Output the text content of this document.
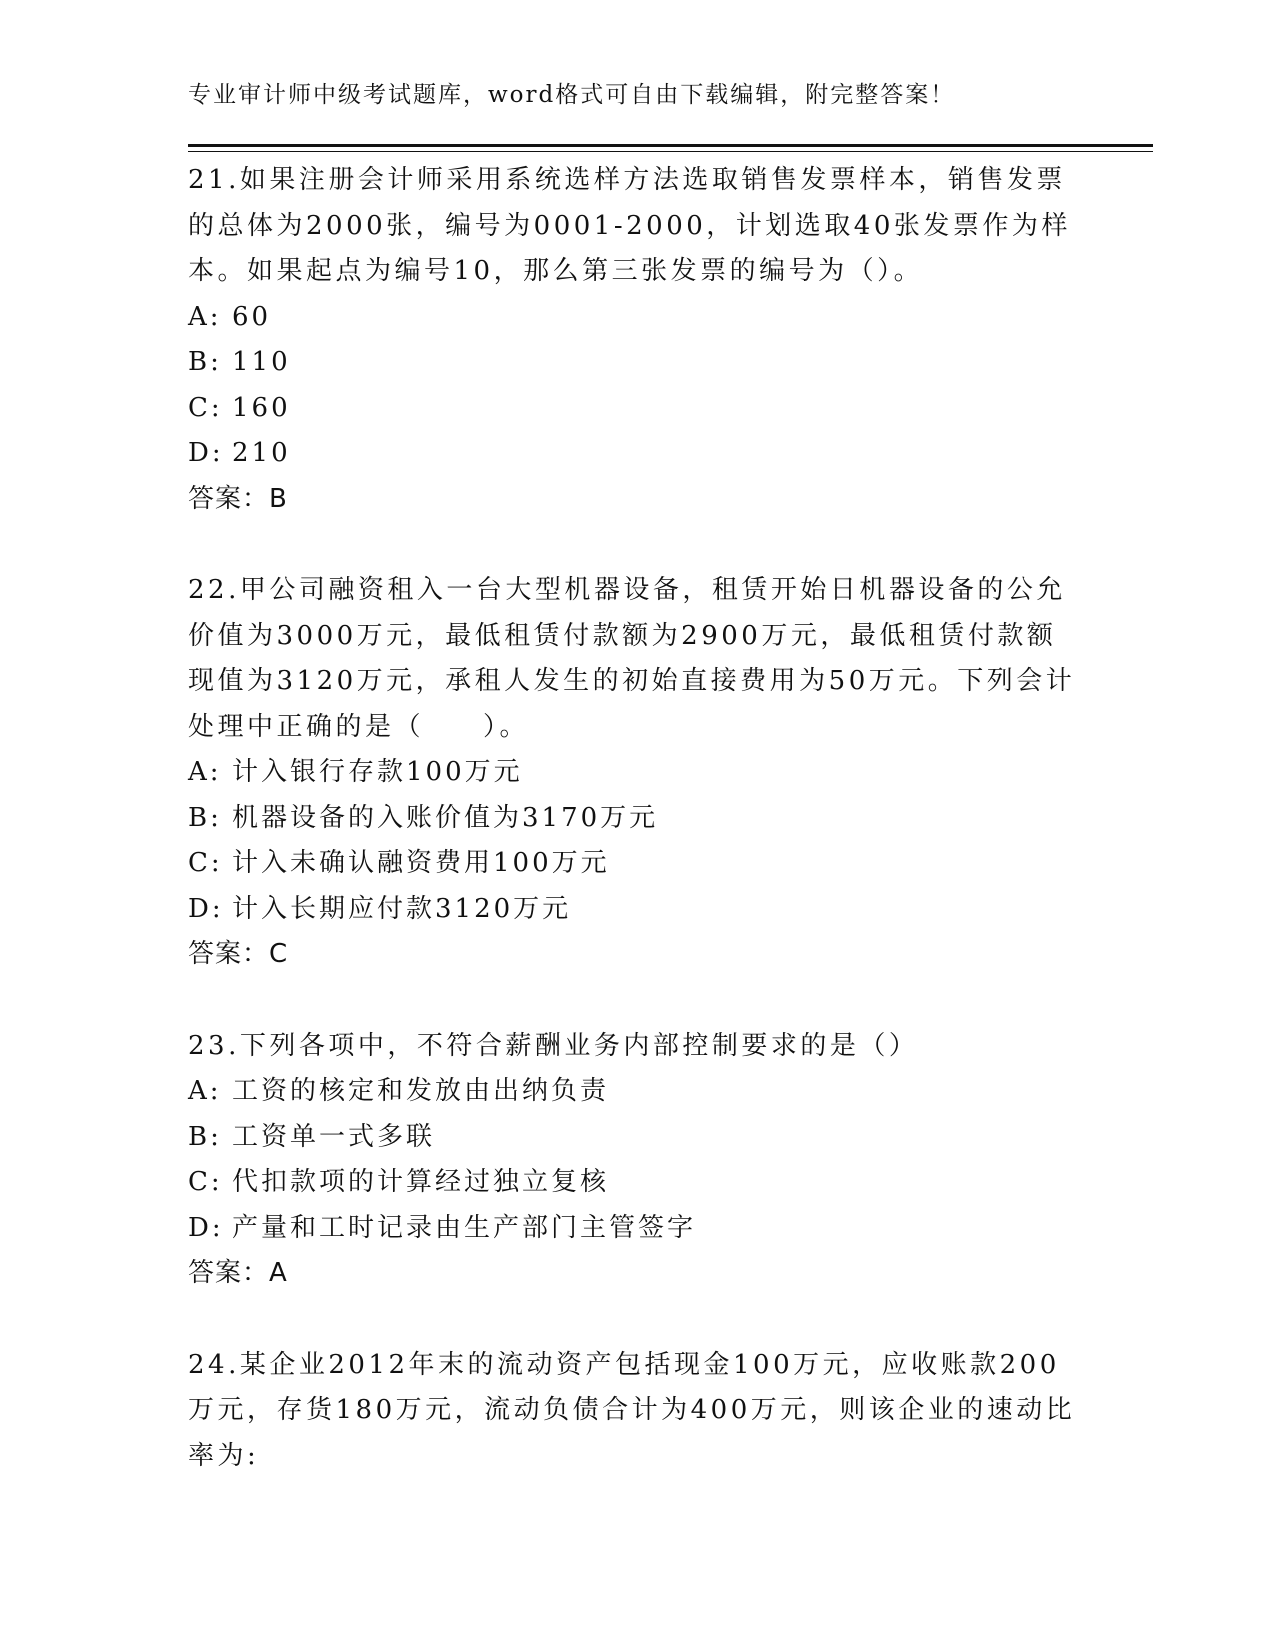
专业审计师中级考试题库，word格式可自由下载编辑，附完整答案！

21.如果注册会计师采用系统选样方法选取销售发票样本，销售发票的总体为2000张，编号为0001-2000，计划选取40张发票作为样本。如果起点为编号10，那么第三张发票的编号为（）。

A: 60

B: 110

C: 160

D: 210

答案：B

22.甲公司融资租入一台大型机器设备，租赁开始日机器设备的公允价值为3000万元，最低租赁付款额为2900万元，最低租赁付款额现值为3120万元，承租人发生的初始直接费用为50万元。下列会计处理中正确的是（　　）。

A: 计入银行存款100万元

B: 机器设备的入账价值为3170万元

C: 计入未确认融资费用100万元

D: 计入长期应付款3120万元

答案：C

23.下列各项中，不符合薪酬业务内部控制要求的是（）

A: 工资的核定和发放由出纳负责

B: 工资单一式多联

C: 代扣款项的计算经过独立复核

D: 产量和工时记录由生产部门主管签字

答案：A

24.某企业2012年末的流动资产包括现金100万元，应收账款200万元，存货180万元，流动负债合计为400万元，则该企业的速动比率为:
